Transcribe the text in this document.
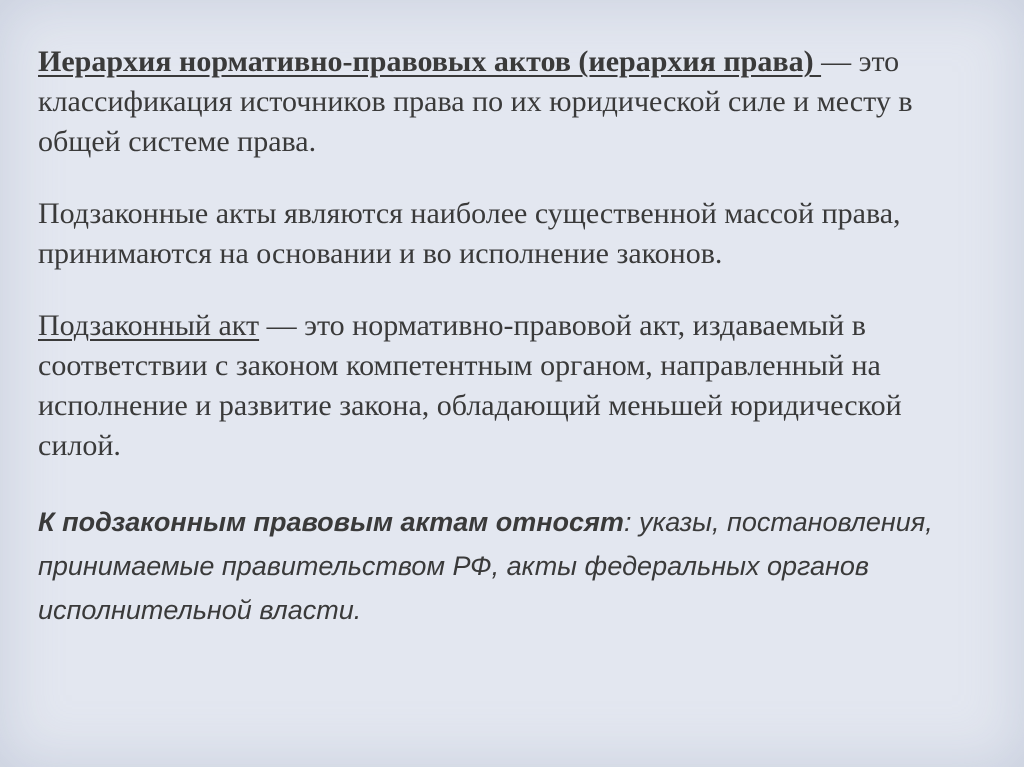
Иерархия нормативно-правовых актов (иерархия права) — это классификация источников права по их юридической силе и месту в общей системе права.

Подзаконные акты являются наиболее существенной массой права, принимаются на основании и во исполнение законов.

Подзаконный акт — это нормативно-правовой акт, издаваемый в соответствии с законом компетентным органом, направленный на исполнение и развитие закона, обладающий меньшей юридической силой.

К подзаконным правовым актам относят: указы, постановления, принимаемые правительством РФ, акты федеральных органов исполнительной власти.
